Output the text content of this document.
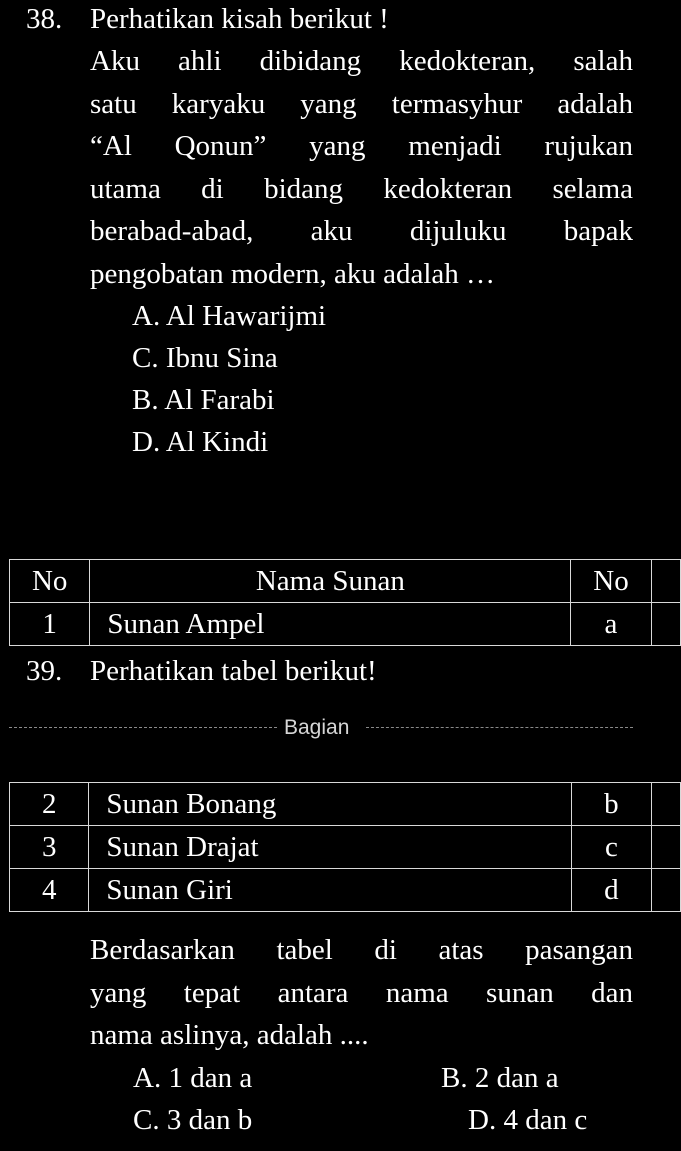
38. Perhatikan kisah berikut !
Aku ahli dibidang kedokteran, salah
satu karyaku yang termasyhur adalah
“Al Qonun” yang menjadi rujukan
utama di bidang kedokteran selama
berabad-abad, aku dijuluku bapak
pengobatan modern, aku adalah …
A. Al Hawarijmi
C. Ibnu Sina
B. Al Farabi
D. Al Kindi
No	Nama Sunan	No	
1	Sunan Ampel	a	
39. Perhatikan tabel berikut!
Bagian
2	Sunan Bonang	b	
3	Sunan Drajat	c	
4	Sunan Giri	d	
Berdasarkan tabel di atas pasangan
yang tepat antara nama sunan dan
nama aslinya, adalah ....
A. 1 dan a	B. 2 dan a
C. 3 dan b	D. 4 dan c
